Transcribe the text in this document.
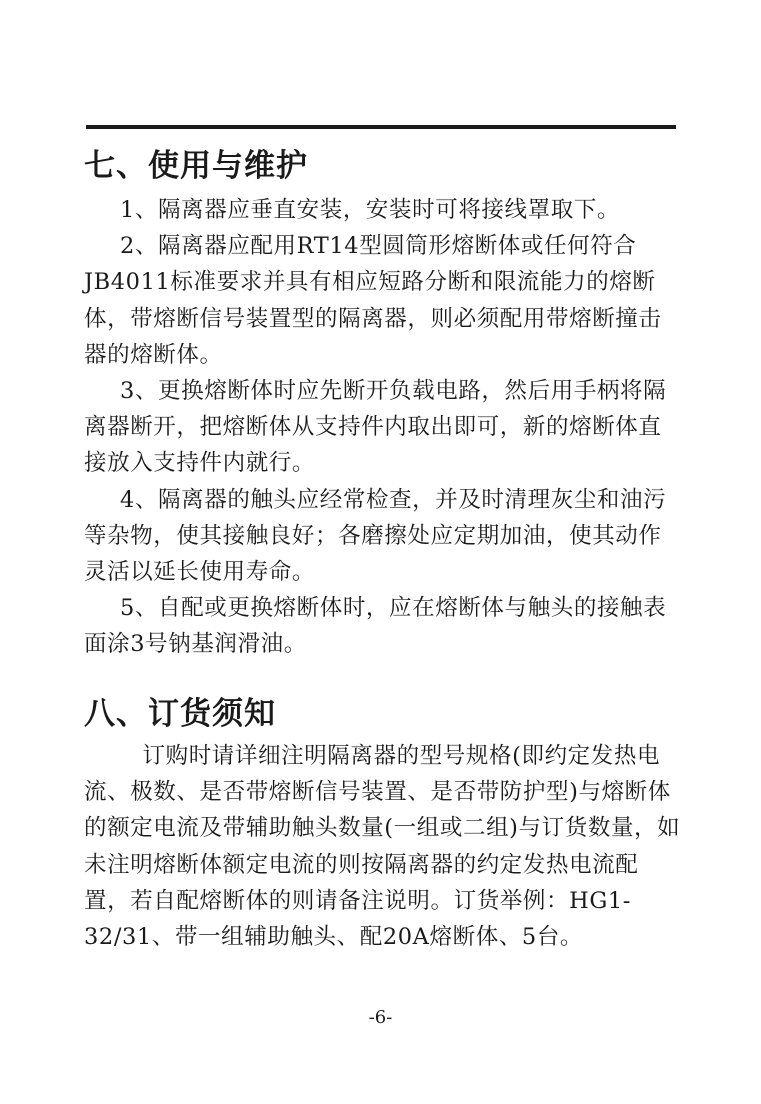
七、使用与维护

1、隔离器应垂直安装，安装时可将接线罩取下。

2、隔离器应配用RT14型圆筒形熔断体或任何符合JB4011标准要求并具有相应短路分断和限流能力的熔断体，带熔断信号装置型的隔离器，则必须配用带熔断撞击器的熔断体。

3、更换熔断体时应先断开负载电路，然后用手柄将隔离器断开，把熔断体从支持件内取出即可，新的熔断体直接放入支持件内就行。

4、隔离器的触头应经常检查，并及时清理灰尘和油污等杂物，使其接触良好；各磨擦处应定期加油，使其动作灵活以延长使用寿命。

5、自配或更换熔断体时，应在熔断体与触头的接触表面涂3号钠基润滑油。

八、订货须知

订购时请详细注明隔离器的型号规格(即约定发热电流、极数、是否带熔断信号装置、是否带防护型)与熔断体的额定电流及带辅助触头数量(一组或二组)与订货数量，如未注明熔断体额定电流的则按隔离器的约定发热电流配置，若自配熔断体的则请备注说明。订货举例：HG1-32/31、带一组辅助触头、配20A熔断体、5台。

-6-
